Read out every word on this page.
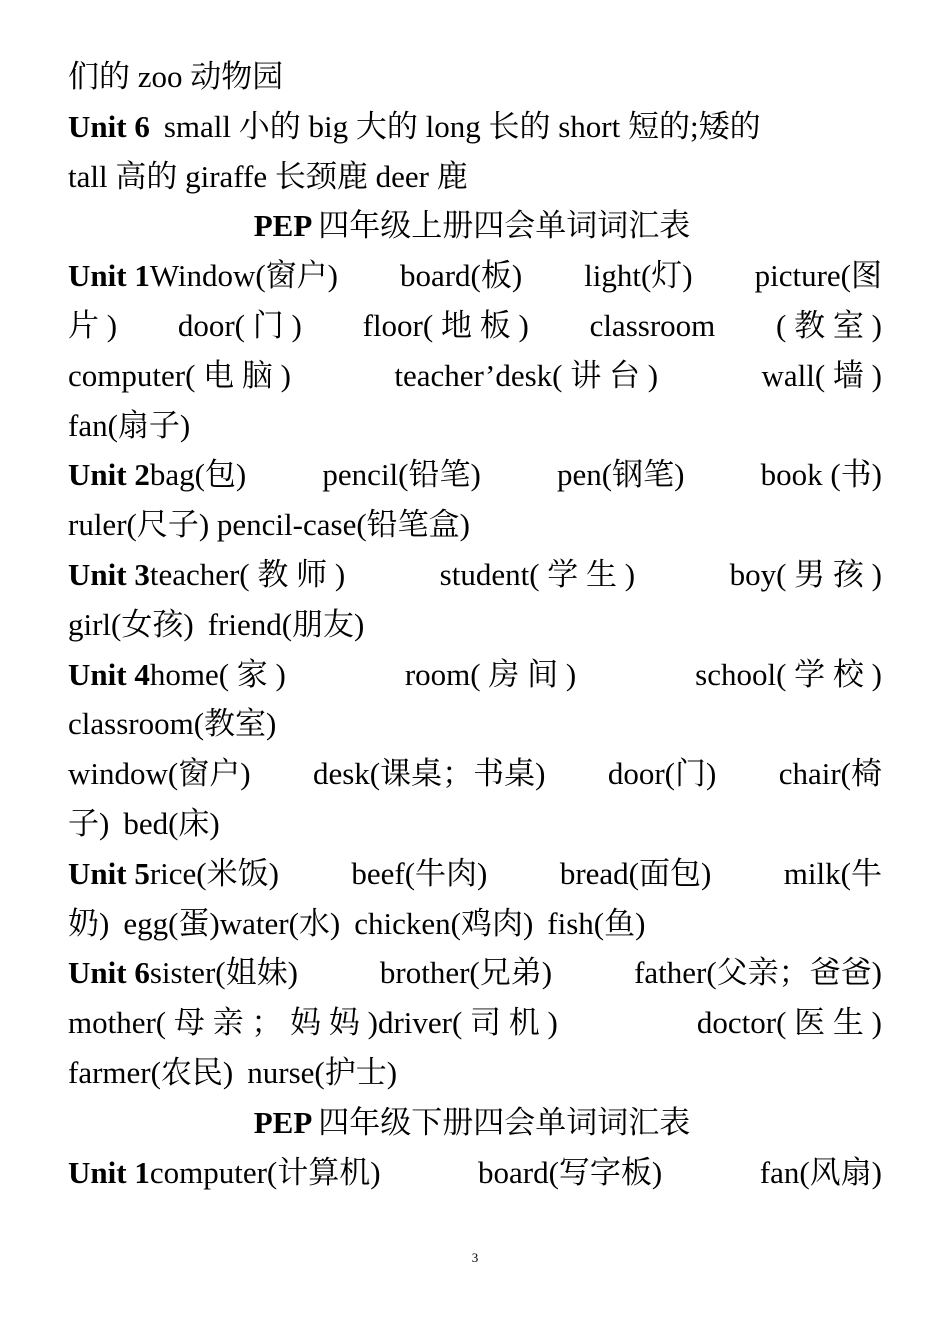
们的 zoo 动物园
Unit 6 small 小的 big 大的 long 长的 short 短的;矮的
tall 高的 giraffe 长颈鹿 deer 鹿
PEP 四年级上册四会单词词汇表
Unit 1Window(窗户) board(板) light(灯) picture(图
片 ) door( 门 ) floor( 地 板 ) classroom ( 教 室 )
computer( 电 脑 )	teacher’desk( 讲 台 )	wall( 墙 )
fan(扇子)
Unit 2bag(包) pencil(铅笔) pen(钢笔) book (书)
ruler(尺子) pencil-case(铅笔盒)
Unit 3teacher( 教 师 )	student( 学 生 )	boy( 男 孩 )
girl(女孩) friend(朋友)
Unit 4home( 家 )	room( 房 间 )	school( 学 校 )
classroom(教室)
window(窗户) desk(课桌；书桌) door(门) chair(椅
子) bed(床)
Unit 5rice(米饭) beef(牛肉) bread(面包) milk(牛
奶) egg(蛋)water(水) chicken(鸡肉) fish(鱼)
Unit 6sister(姐妹)	brother(兄弟)	father(父亲；爸爸)
mother( 母 亲 ； 妈 妈 )driver( 司 机 )	doctor( 医 生 )
farmer(农民) nurse(护士)
PEP 四年级下册四会单词词汇表
Unit 1computer(计算机)	board(写字板)	fan(风扇)
3
